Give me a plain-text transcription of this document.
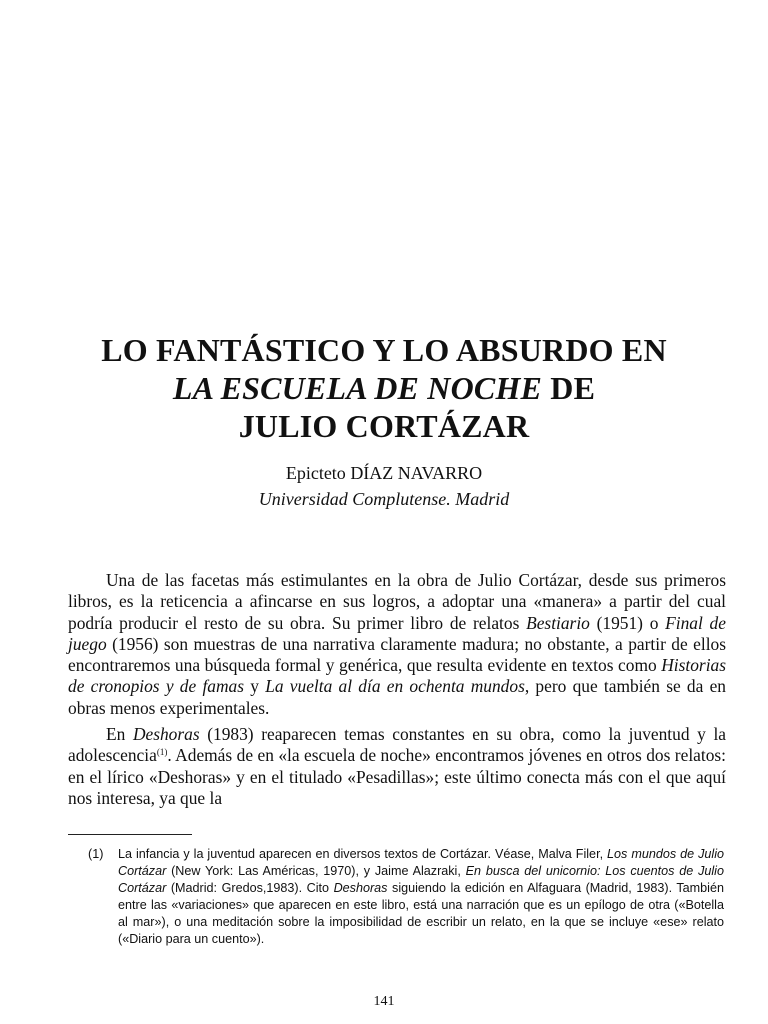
LO FANTÁSTICO Y LO ABSURDO EN
LA ESCUELA DE NOCHE DE
JULIO CORTÁZAR
Epicteto DÍAZ NAVARRO
Universidad Complutense. Madrid

Una de las facetas más estimulantes en la obra de Julio Cortázar, desde sus primeros libros, es la reticencia a afincarse en sus logros, a adoptar una «manera» a partir del cual podría producir el resto de su obra. Su primer libro de relatos Bestiario (1951) o Final de juego (1956) son muestras de una narrativa claramente madura; no obstante, a partir de ellos encontraremos una búsqueda formal y genérica, que resulta evidente en textos como Historias de cronopios y de famas y La vuelta al día en ochenta mundos, pero que también se da en obras menos experimentales.

En Deshoras (1983) reaparecen temas constantes en su obra, como la juventud y la adolescencia$^{(1)}$. Además de en «la escuela de noche» encontramos jóvenes en otros dos relatos: en el lírico «Deshoras» y en el titulado «Pesadillas»; este último conecta más con el que aquí nos interesa, ya que la

(1) La infancia y la juventud aparecen en diversos textos de Cortázar. Véase, Malva Filer, Los mundos de Julio Cortázar (New York: Las Américas, 1970), y Jaime Alazraki, En busca del unicornio: Los cuentos de Julio Cortázar (Madrid: Gredos,1983). Cito Deshoras siguiendo la edición en Alfaguara (Madrid, 1983). También entre las «variaciones» que aparecen en este libro, está una narración que es un epílogo de otra («Botella al mar»), o una meditación sobre la imposibilidad de escribir un relato, en la que se incluye «ese» relato («Diario para un cuento»).
141
